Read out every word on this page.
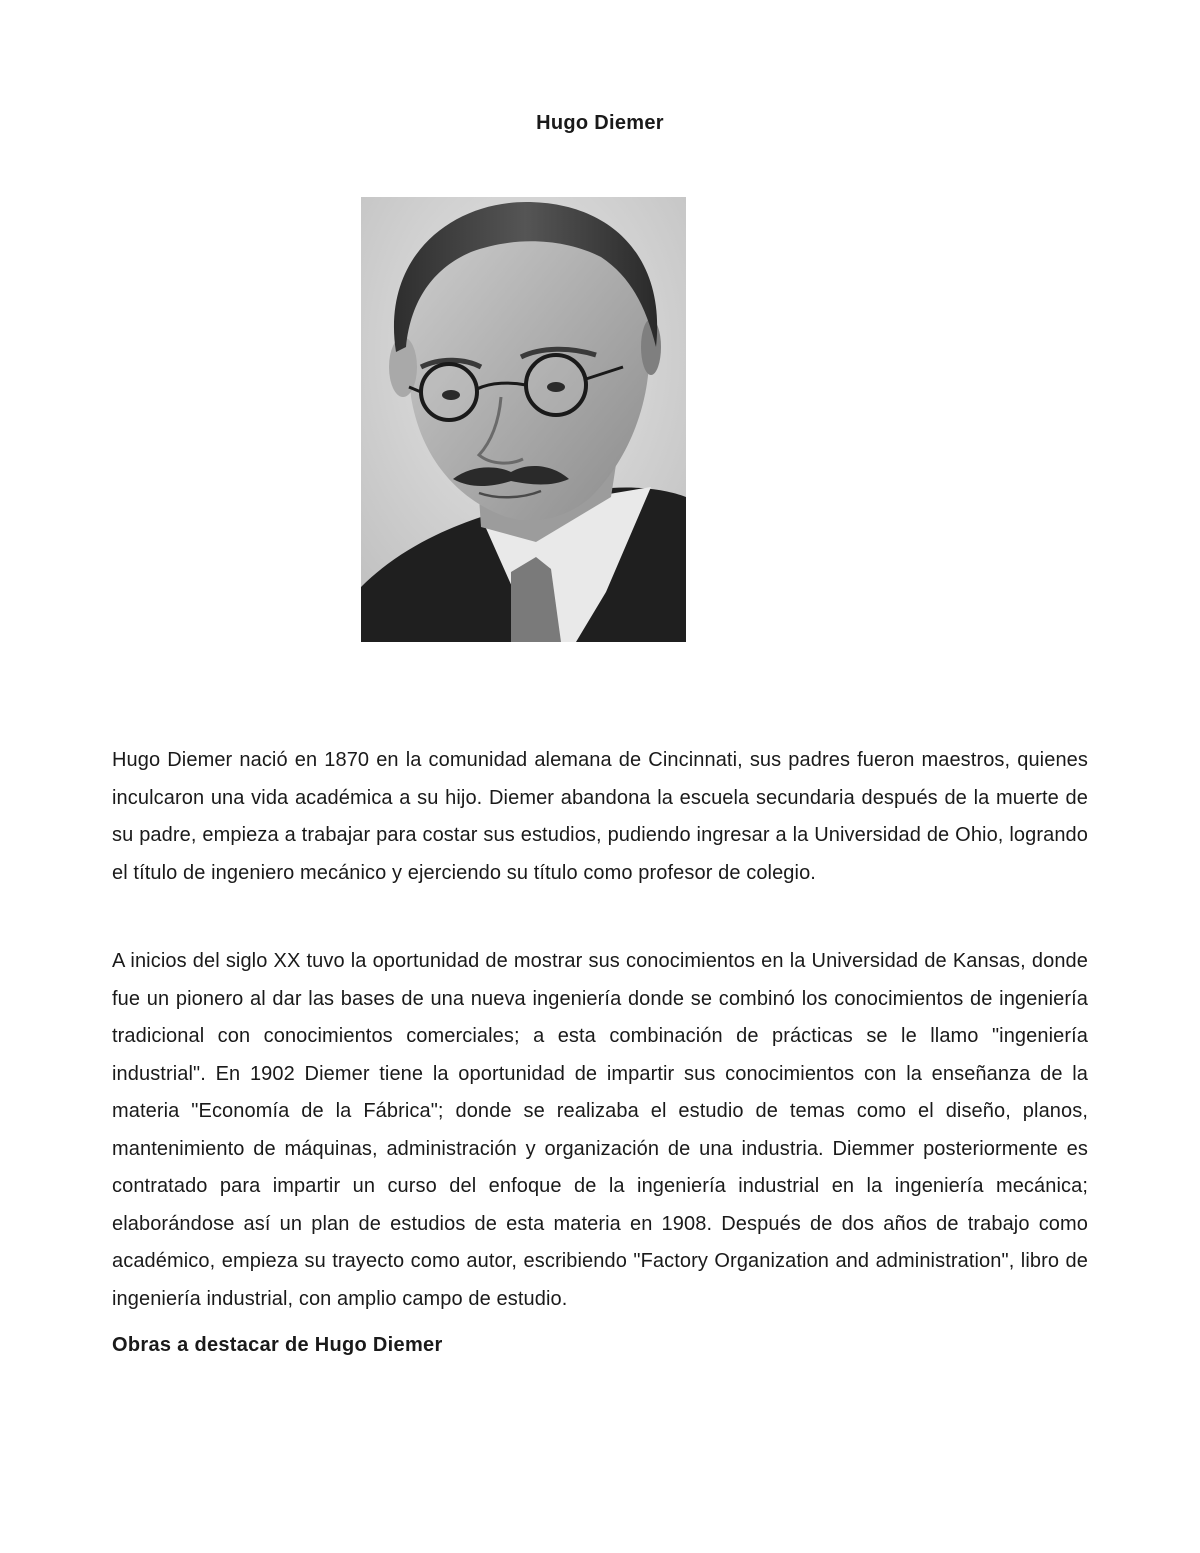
Hugo Diemer

Hugo Diemer nació en 1870 en la comunidad alemana de Cincinnati, sus padres fueron maestros, quienes inculcaron una vida académica a su hijo. Diemer abandona la escuela secundaria después de la muerte de su padre, empieza a trabajar para costar sus estudios, pudiendo ingresar a la Universidad de Ohio, logrando el título de ingeniero mecánico y ejerciendo su título como profesor de colegio.

A inicios del siglo XX tuvo la oportunidad de mostrar sus conocimientos en la Universidad de Kansas, donde fue un pionero al dar las bases de una nueva ingeniería donde se combinó los conocimientos de ingeniería tradicional con conocimientos comerciales; a esta combinación de prácticas se le llamo "ingeniería industrial". En 1902 Diemer tiene la oportunidad de impartir sus conocimientos con la enseñanza de la materia "Economía de la Fábrica"; donde se realizaba el estudio de temas como el diseño, planos, mantenimiento de máquinas, administración y organización de una industria. Diemmer posteriormente es contratado para impartir un curso del enfoque de la ingeniería industrial en la ingeniería mecánica; elaborándose así un plan de estudios de esta materia en 1908. Después de dos años de trabajo como académico, empieza su trayecto como autor, escribiendo "Factory Organization and administration", libro de ingeniería industrial, con amplio campo de estudio.

Obras a destacar de Hugo Diemer
